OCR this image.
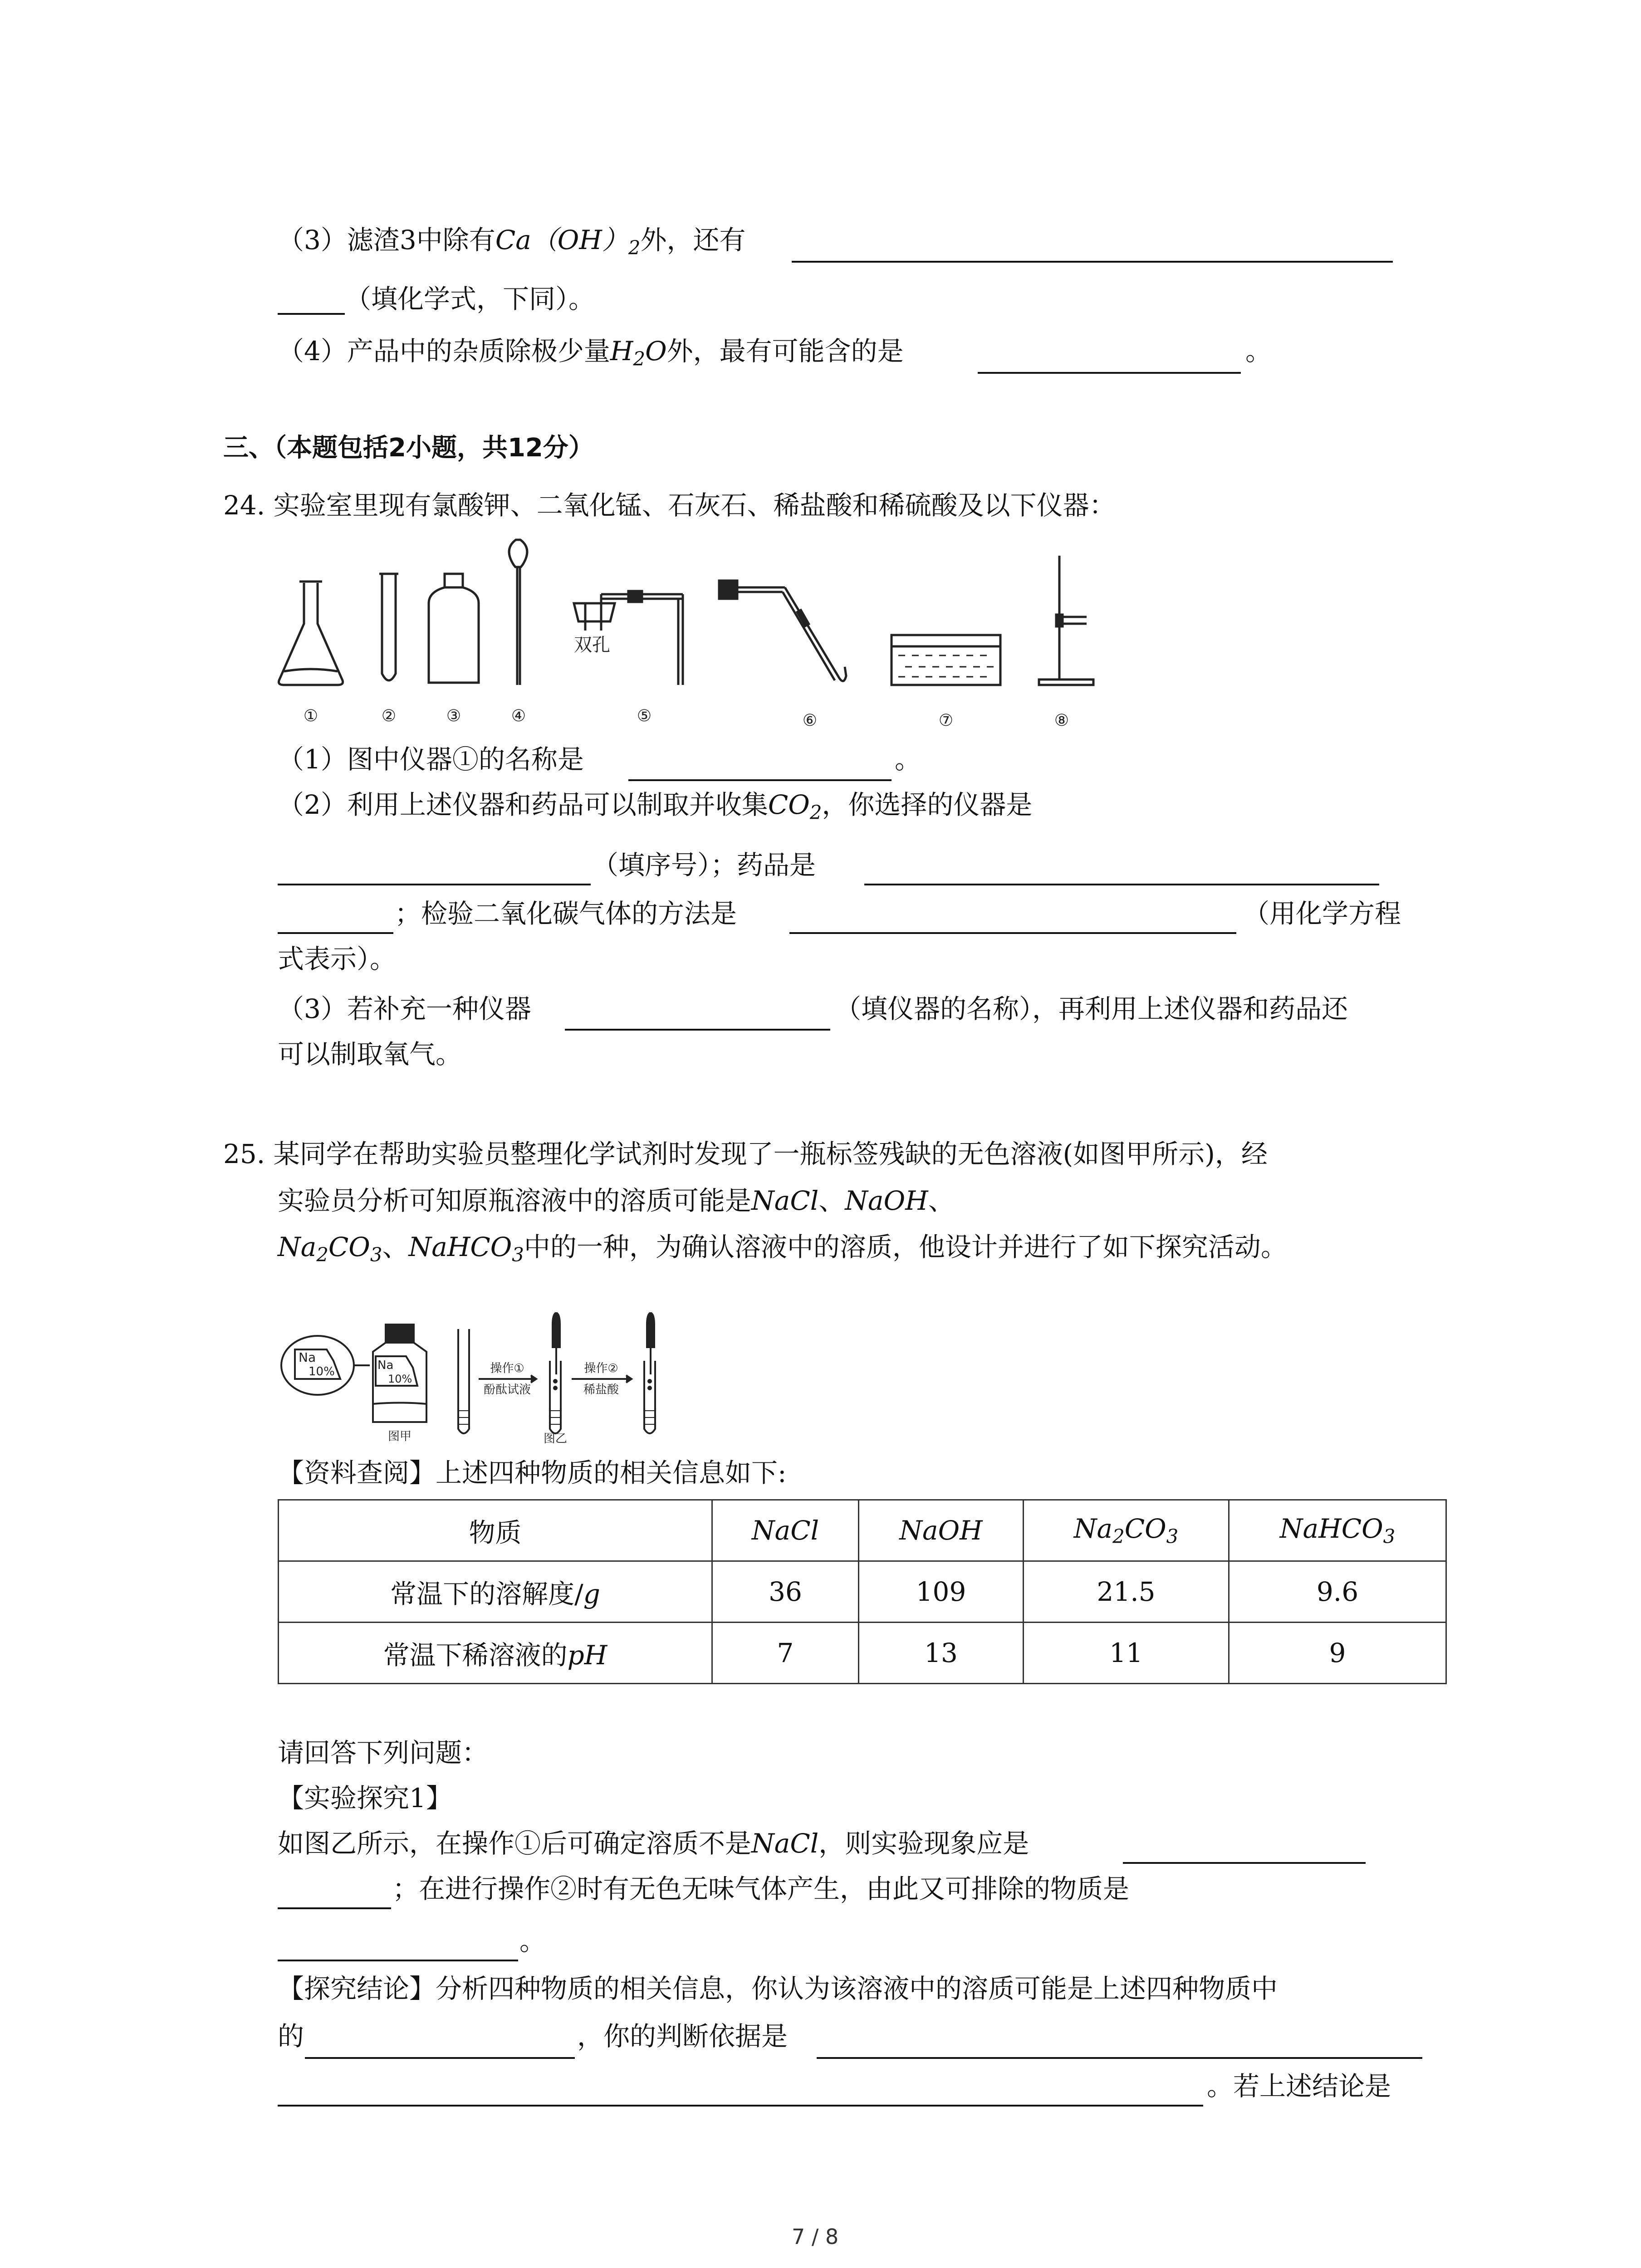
（3）滤渣3中除有$Ca(OH)_2$外，还有
（填化学式，下同）。
（4）产品中的杂质除极少量$H_2O$外，最有可能含的是	。
三、（本题包括2小题，共12分）
24. 实验室里现有氯酸钾、二氧化锰、石灰石、稀盐酸和稀硫酸及以下仪器：
双孔
①	②	③	④	⑤	⑥	⑦	⑧
（1）图中仪器①的名称是	。
（2）利用上述仪器和药品可以制取并收集$CO_2$，你选择的仪器是
（填序号）；药品是
；检验二氧化碳气体的方法是	（用化学方程
式表示）。
（3）若补充一种仪器	（填仪器的名称），再利用上述仪器和药品还
可以制取氧气。
25. 某同学在帮助实验员整理化学试剂时发现了一瓶标签残缺的无色溶液(如图甲所示)，经
实验员分析可知原瓶溶液中的溶质可能是NaCl、NaOH、
$Na_2CO_3$、NaHCO$_3$中的一种，为确认溶液中的溶质，他设计并进行了如下探究活动。
Na
10%	Na
10%
图甲
操作①
酚酞试液
操作②
稀盐酸
图乙
【资料查阅】上述四种物质的相关信息如下:
物质	NaCl	NaOH	$Na_2CO_3$	NaHCO$_3$
常温下的溶解度/g	36	109	21.5	9.6
常温下稀溶液的pH	7	13	11	9
请回答下列问题：
【实验探究1】
如图乙所示，在操作①后可确定溶质不是NaCl，则实验现象应是
；在进行操作②时有无色无味气体产生，由此又可排除的物质是
。
【探究结论】分析四种物质的相关信息，你认为该溶液中的溶质可能是上述四种物质中
的	，你的判断依据是
。若上述结论是
7 / 8
